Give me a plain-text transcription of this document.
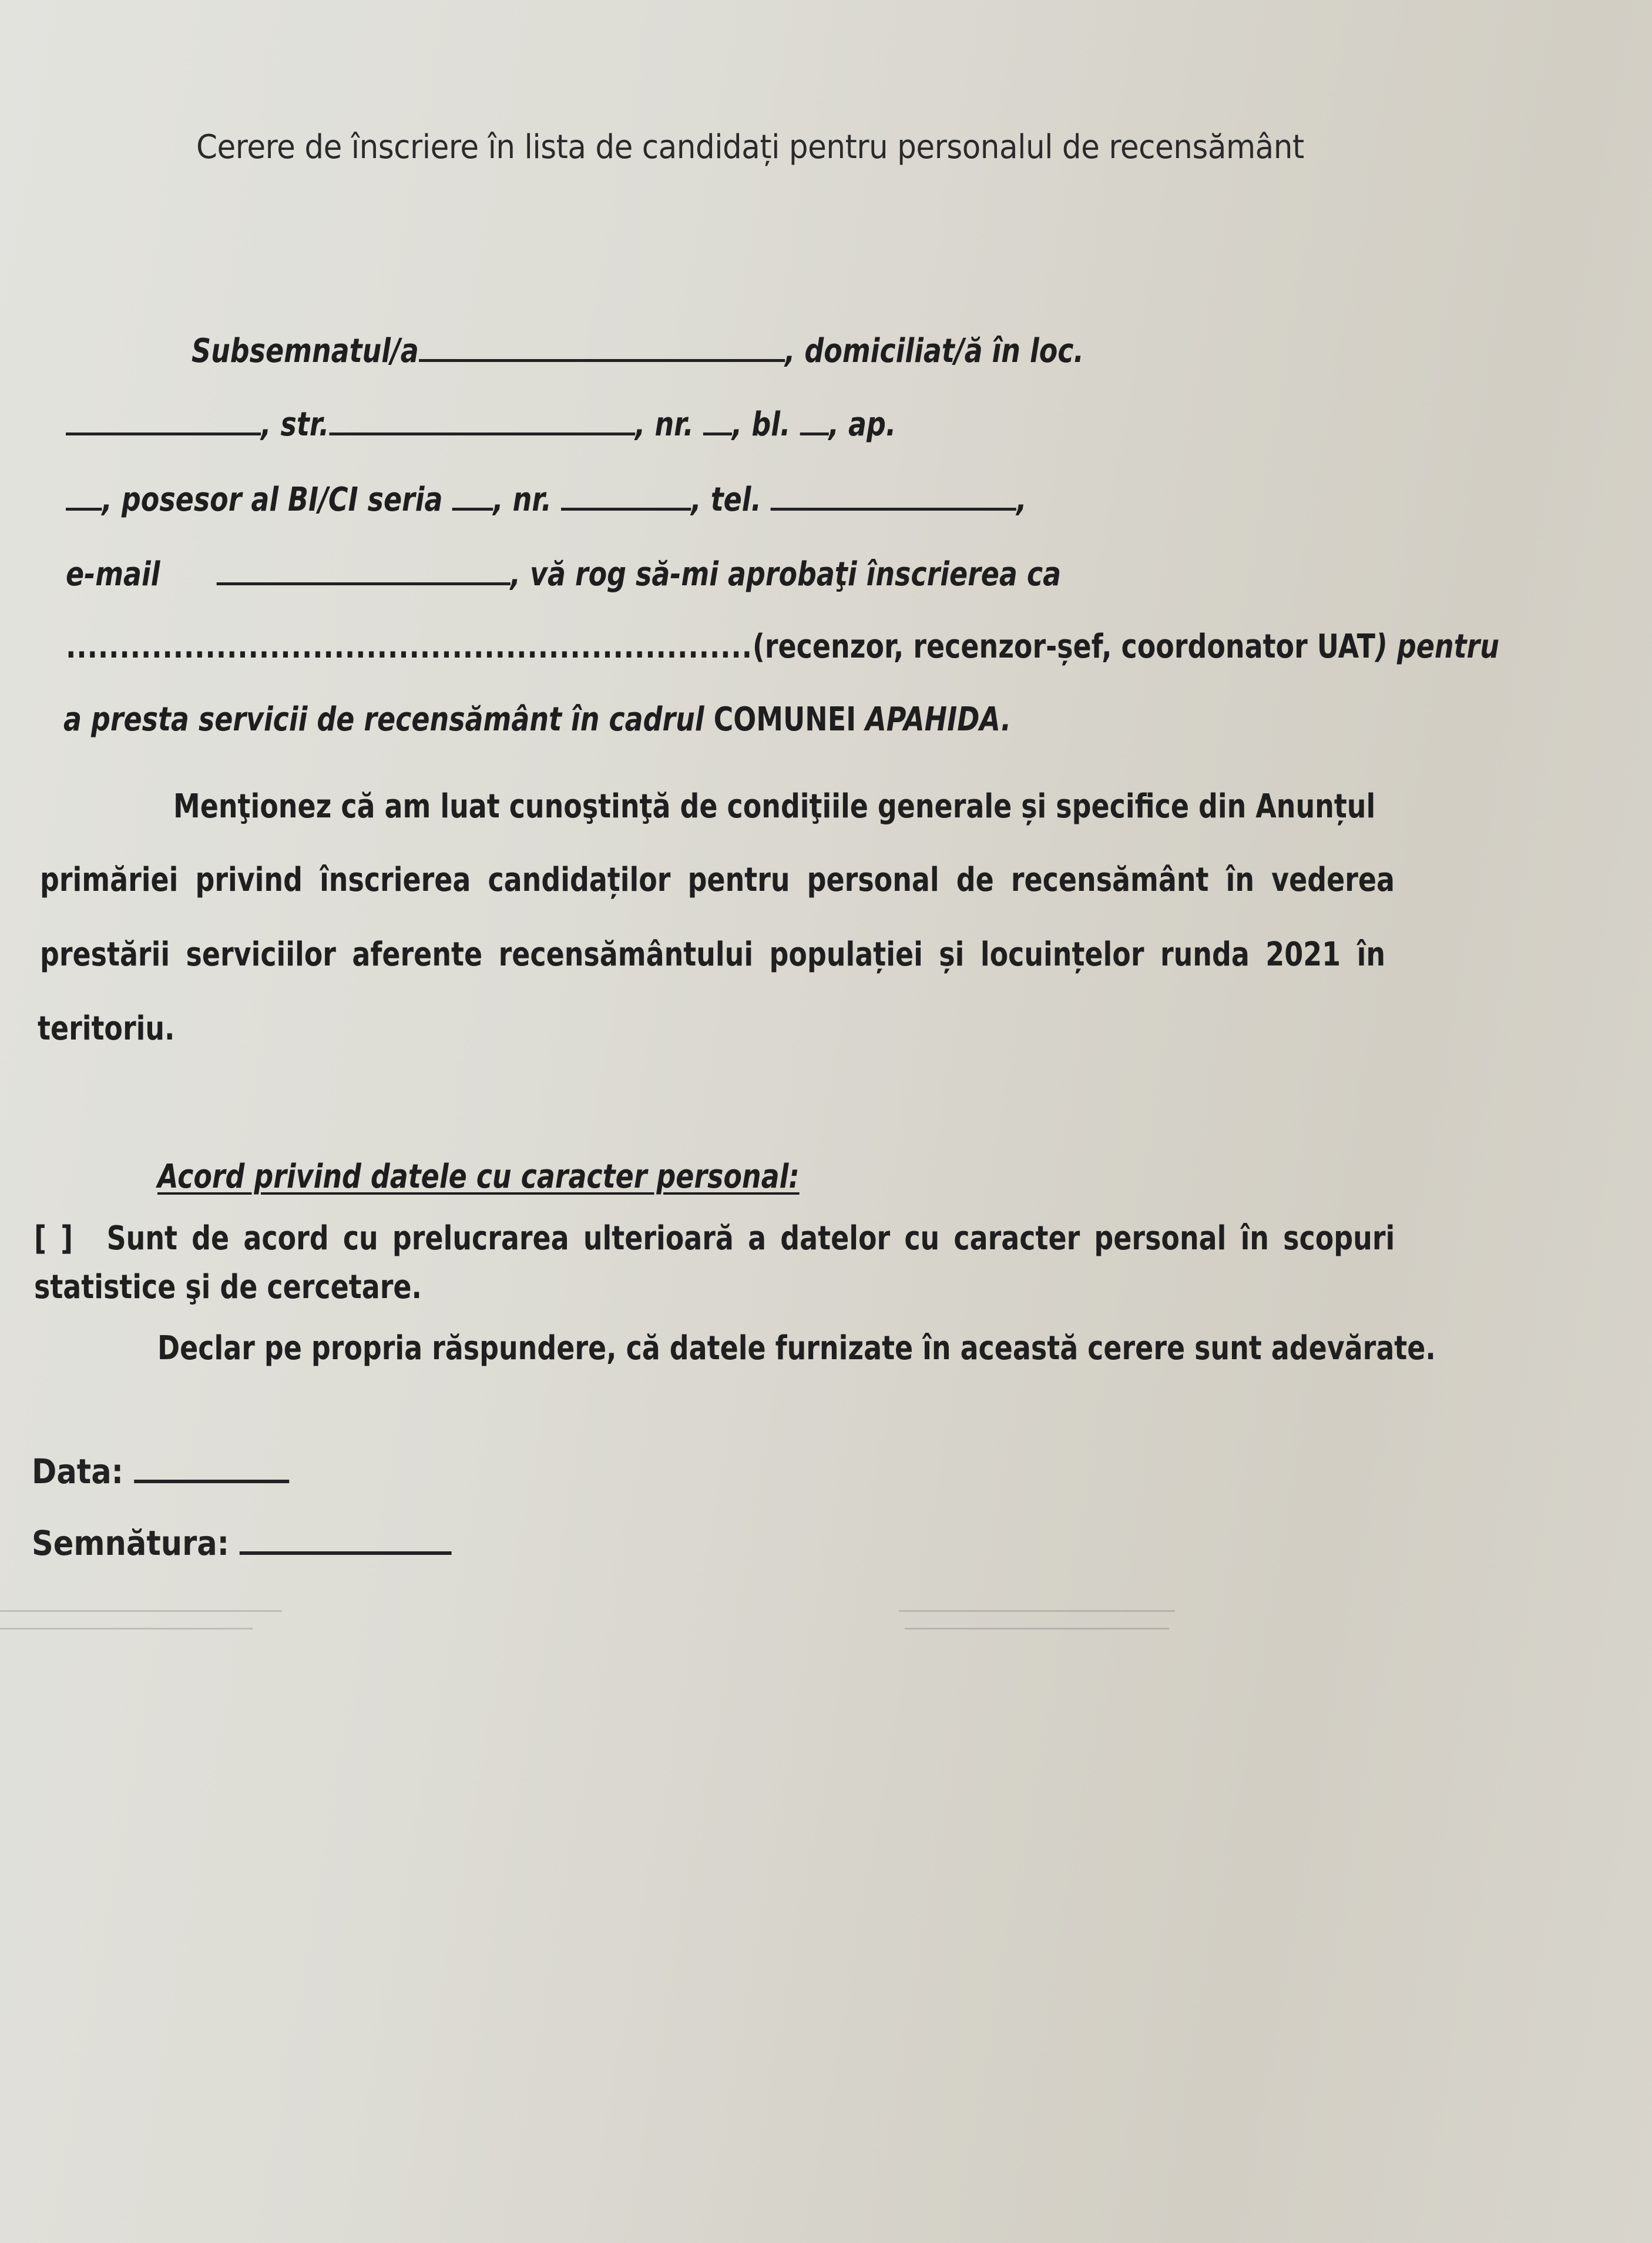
Cerere de înscriere în lista de candidați pentru personalul de recensământ
Subsemnatul/a	, domiciliat/ă în loc.
, str.	, nr. , bl. , ap.
, posesor al BI/CI seria , nr.	, tel.	,
e-mail	, vă rog să-mi aprobaţi înscrierea ca
................................................................(recenzor, recenzor-șef, coordonator UAT) pentru
a presta servicii de recensământ în cadrul COMUNEI APAHIDA.
Menţionez că am luat cunoştinţă de condiţiile generale și specifice din Anunțul
primăriei privind înscrierea candidaților pentru personal de recensământ în vederea
prestării serviciilor aferente recensământului populației și locuințelor runda 2021 în
teritoriu.
Acord privind datele cu caracter personal:
[ ] Sunt de acord cu prelucrarea ulterioară a datelor cu caracter personal în scopuri
statistice şi de cercetare.
Declar pe propria răspundere, că datele furnizate în această cerere sunt adevărate.
Data:
Semnătura:
